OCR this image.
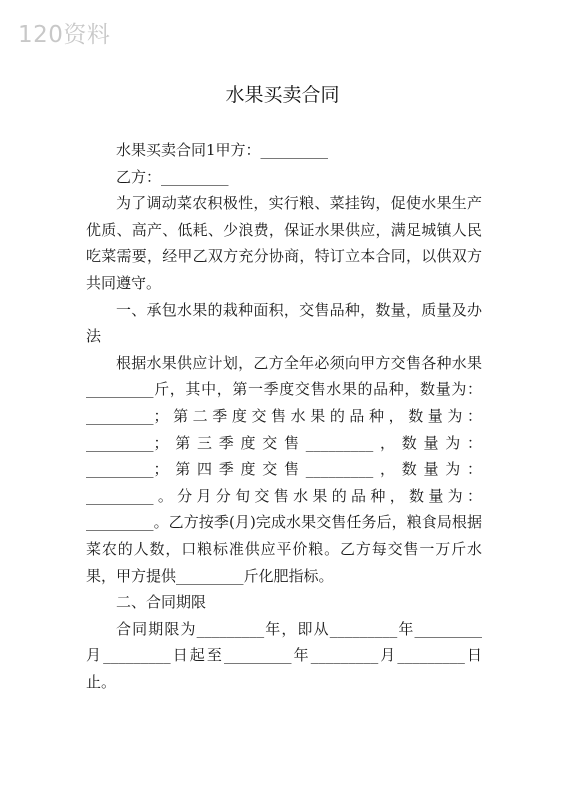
120资料
水果买卖合同

水果买卖合同1甲方：_________

乙方：_________

为了调动菜农积极性，实行粮、菜挂钩，促使水果生产优质、高产、低耗、少浪费，保证水果供应，满足城镇人民吃菜需要，经甲乙双方充分协商，特订立本合同，以供双方共同遵守。

一、承包水果的栽种面积，交售品种，数量，质量及办法

根据水果供应计划，乙方全年必须向甲方交售各种水果_________斤，其中，第一季度交售水果的品种，数量为：_________；第二季度交售水果的品种，数量为：_________；第三季度交售_________，数量为：_________；第四季度交售_________，数量为：_________。分月分旬交售水果的品种，数量为：_________。乙方按季(月)完成水果交售任务后，粮食局根据菜农的人数，口粮标准供应平价粮。乙方每交售一万斤水果，甲方提供_________斤化肥指标。

二、合同期限

合同期限为_________年，即从_________年_________月_________日起至_________年_________月_________日止。
